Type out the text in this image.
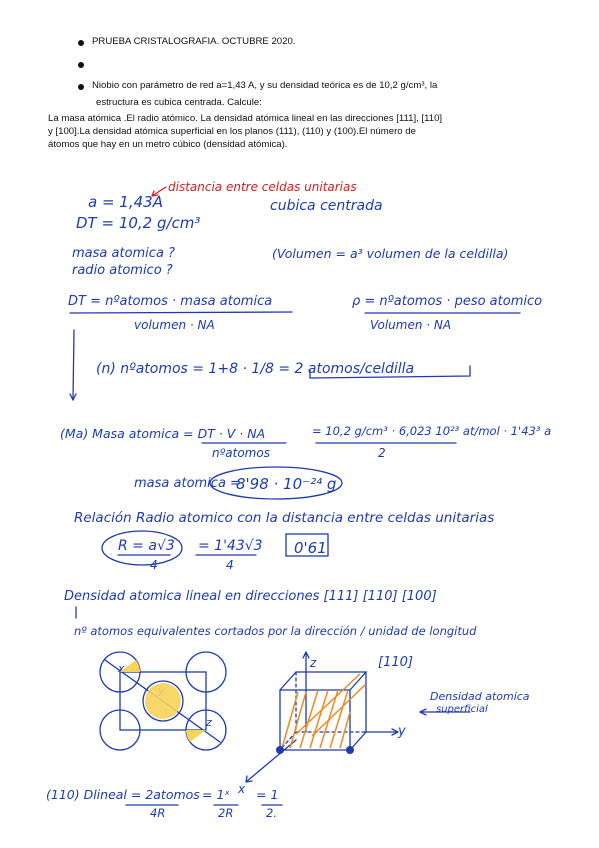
PRUEBA CRISTALOGRAFIA. OCTUBRE 2020.
Niobio con parámetro de red a=1,43 A, y su densidad teórica es de 10,2 g/cm³, la
estructura es cubica centrada. Calcule:
La masa atómica .El radio atómico. La densidad atómica lineal en las direcciones [111], [110]
y [100].La densidad atómica superficial en los planos (111), (110) y (100).El número de
átomos que hay en un metro cúbico (densidad atómica).
distancia entre celdas unitarias
a = 1,43A
DT = 10,2 g/cm³
cubica centrada
masa atomica ?
radio atomico ?
(Volumen = a³ volumen de la celdilla)
DT = nºatomos · masa atomica
volumen · NA
ρ = nºatomos · peso atomico
Volumen · NA
(n) nºatomos = 1+8 · 1/8 = 2 atomos/celdilla
(Ma) Masa atomica = DT · V · NA
nºatomos
= 10,2 g/cm³ · 6,023 10²³ at/mol · 1'43³ a
2
masa atomica =
8'98 · 10⁻²⁴ g
Relación Radio atomico con la distancia entre celdas unitarias
R = a√3
4
= 1'43√3
4
0'61
Densidad atomica lineal en direcciones [111] [110] [100]
nº atomos equivalentes cortados por la dirección / unidad de longitud
[110]
Densidad atomica
superficial
z
y
x
x
z
(110) Dlineal = 2atomos
4R
= 1ˣ
2R
= 1
2.
